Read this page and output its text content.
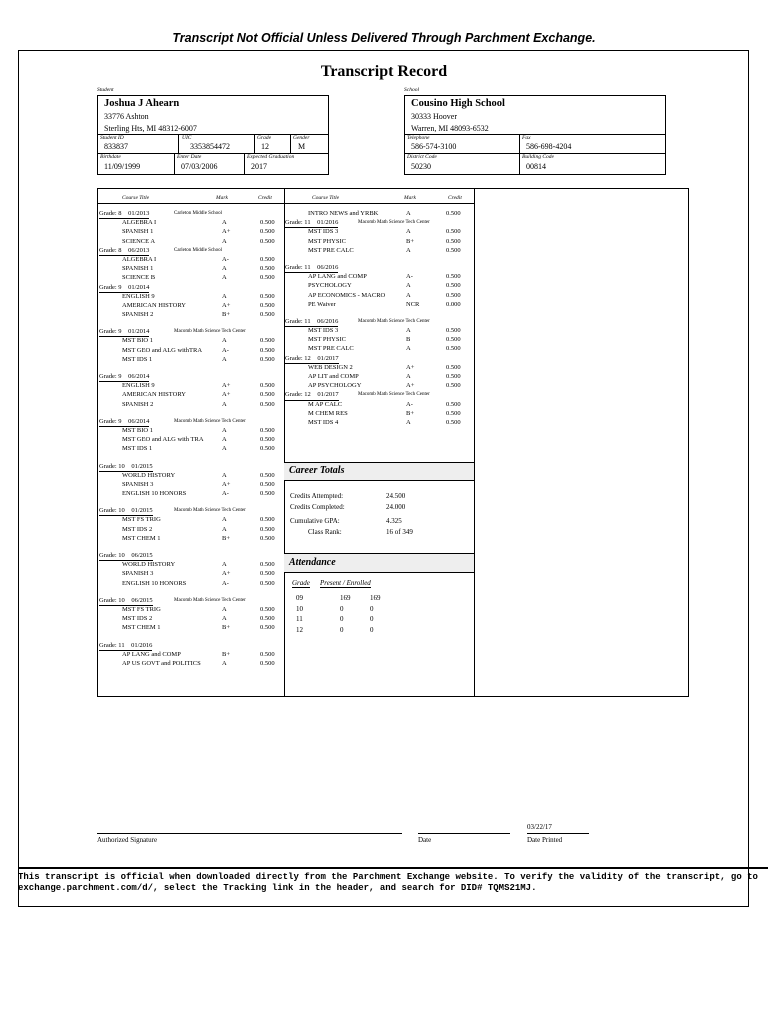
Transcript Not Official Unless Delivered Through Parchment Exchange.
Transcript Record
Student
Joshua J Ahearn
33776 Ashton
Sterling Hts, MI 48312-6007
Student ID
833837
UIC
3353854472
Grade
12
Gender
M
Birthdate
11/09/1999
Enter Date
07/03/2006
Expected Graduation
2017
School
Cousino High School
30333 Hoover
Warren, MI 48093-6532
Telephone
586-574-3100
Fax
586-698-4204
District Code
50230
Building Code
00814
Course Title	Mark	Credit	Course Title	Mark	Credit
Grade: 8 01/2013	Carleton Middle School
ALGEBRA I	A	0.500
SPANISH 1	A+	0.500
SCIENCE A	A	0.500
Grade: 8 06/2013	Carleton Middle School
ALGEBRA I	A-	0.500
SPANISH 1	A	0.500
SCIENCE B	A	0.500
Grade: 9 01/2014
ENGLISH 9	A	0.500
AMERICAN HISTORY	A+	0.500
SPANISH 2	B+	0.500
Grade: 9 01/2014	Macomb Math Science Tech Center
MST BIO 1	A	0.500
MST GEO and ALG withTRA	A-	0.500
MST IDS 1	A	0.500
Grade: 9 06/2014
ENGLISH 9	A+	0.500
AMERICAN HISTORY	A+	0.500
SPANISH 2	A	0.500
Grade: 9 06/2014	Macomb Math Science Tech Center
MST BIO 1	A	0.500
MST GEO and ALG with TRA	A	0.500
MST IDS 1	A	0.500
Grade: 10 01/2015
WORLD HISTORY	A	0.500
SPANISH 3	A+	0.500
ENGLISH 10 HONORS	A-	0.500
Grade: 10 01/2015	Macomb Math Science Tech Center
MST FS TRIG	A	0.500
MST IDS 2	A	0.500
MST CHEM 1	B+	0.500
Grade: 10 06/2015
WORLD HISTORY	A	0.500
SPANISH 3	A+	0.500
ENGLISH 10 HONORS	A-	0.500
Grade: 10 06/2015	Macomb Math Science Tech Center
MST FS TRIG	A	0.500
MST IDS 2	A	0.500
MST CHEM 1	B+	0.500
Grade: 11 01/2016
AP LANG and COMP	B+	0.500
AP US GOVT and POLITICS	A	0.500
INTRO NEWS and YRBK	A	0.500
Grade: 11 01/2016	Macomb Math Science Tech Center
MST IDS 3	A	0.500
MST PHYSIC	B+	0.500
MST PRE CALC	A	0.500
Grade: 11 06/2016
AP LANG and COMP	A-	0.500
PSYCHOLOGY	A	0.500
AP ECONOMICS - MACRO	A	0.500
PE Waiver	NCR	0.000
Grade: 11 06/2016	Macomb Math Science Tech Center
MST IDS 3	A	0.500
MST PHYSIC	B	0.500
MST PRE CALC	A	0.500
Grade: 12 01/2017
WEB DESIGN 2	A+	0.500
AP LIT and COMP	A	0.500
AP PSYCHOLOGY	A+	0.500
Grade: 12 01/2017	Macomb Math Science Tech Center
M AP CALC	A-	0.500
M CHEM RES	B+	0.500
MST IDS 4	A	0.500
Career Totals
Credits Attempted:	24.500
Credits Completed:	24.000
Cumulative GPA:	4.325
Class Rank:	16 of 349
Attendance
Grade Present / Enrolled
09	169	169
10	0	0
11	0	0
12	0	0
03/22/17
Authorized Signature	Date	Date Printed
This transcript is official when downloaded directly from the Parchment Exchange website. To verify the validity of the transcript, go to exchange.parchment.com/d/, select the Tracking link in the header, and search for DID# TQMS21MJ.
